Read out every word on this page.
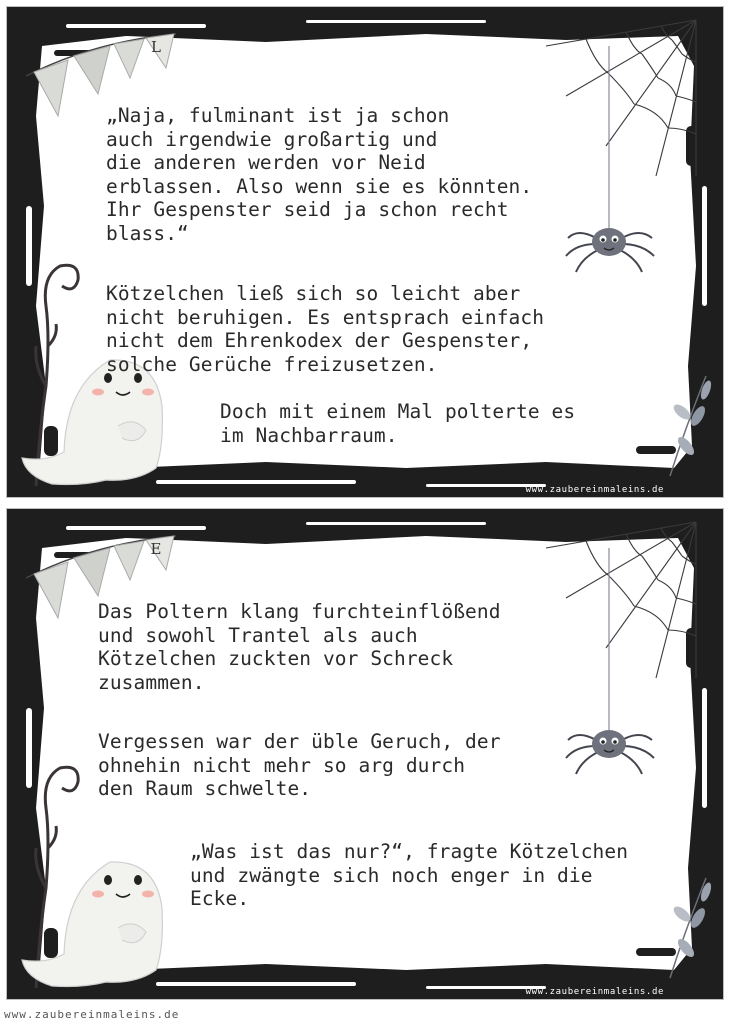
L

„Naja, fulminant ist ja schon
auch irgendwie großartig und
die anderen werden vor Neid
erblassen. Also wenn sie es könnten.
Ihr Gespenster seid ja schon recht
blass.“

Kötzelchen ließ sich so leicht aber
nicht beruhigen. Es entsprach einfach
nicht dem Ehrenkodex der Gespenster,
solche Gerüche freizusetzen.

Doch mit einem Mal polterte es
im Nachbarraum.

www.zaubereinmaleins.de
E

Das Poltern klang furchteinflößend
und sowohl Trantel als auch
Kötzelchen zuckten vor Schreck
zusammen.

Vergessen war der üble Geruch, der
ohnehin nicht mehr so arg durch
den Raum schwelte.

„Was ist das nur?“, fragte Kötzelchen
und zwängte sich noch enger in die
Ecke.

www.zaubereinmaleins.de
www.zaubereinmaleins.de
